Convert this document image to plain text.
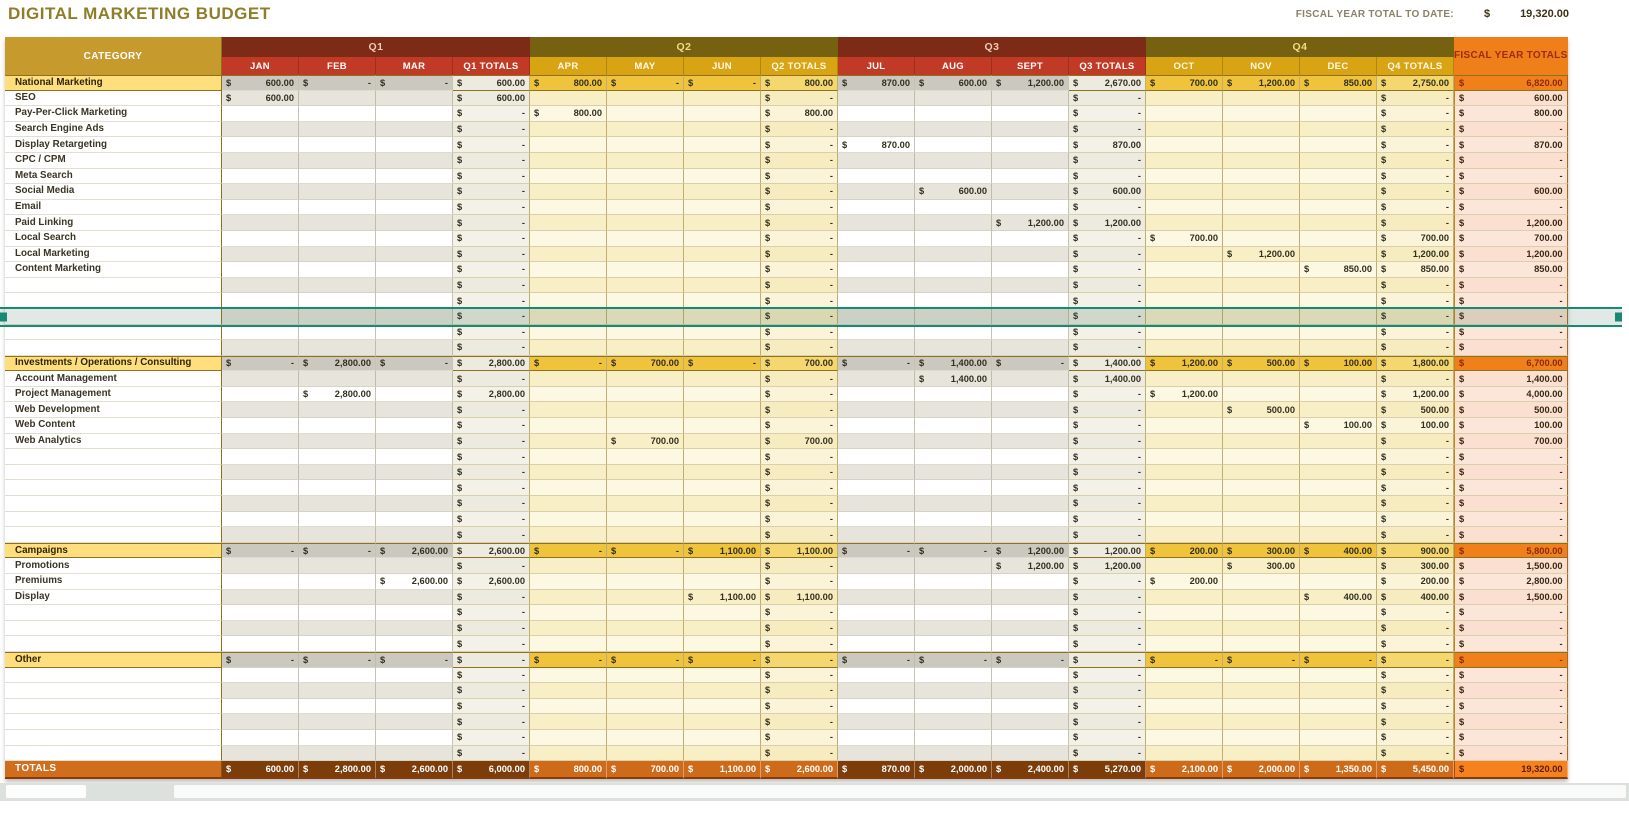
DIGITAL MARKETING BUDGET	FISCAL YEAR TOTAL TO DATE:	$	19,320.00
CATEGORY	Q1				Q2				Q3				Q4				FISCAL YEAR TOTALS
	JAN	FEB	MAR	Q1 TOTALS	APR	MAY	JUN	Q2 TOTALS	JUL	AUG	SEPT	Q3 TOTALS	OCT	NOV	DEC	Q4 TOTALS	
National Marketing	$ 600.00	$ -	$ -	$ 600.00	$ 800.00	$ -	$ -	$ 800.00	$ 870.00	$ 600.00	$ 1,200.00	$ 2,670.00	$ 700.00	$ 1,200.00	$ 850.00	$ 2,750.00	$ 6,820.00

SEO	$ 600.00			$ 600.00				$ -				$ -				$ -	$ 600.00

Pay-Per-Click Marketing				$ -	$ 800.00			$ 800.00				$ -				$ -	$ 800.00

Search Engine Ads				$ -				$ -				$ -				$ -	$ -

Display Retargeting				$ -				$ -	$ 870.00			$ 870.00				$ -	$ 870.00

CPC / CPM				$ -				$ -				$ -				$ -	$ -

Meta Search				$ -				$ -				$ -				$ -	$ -

Social Media				$ -				$ -		$ 600.00		$ 600.00				$ -	$ 600.00

Email				$ -				$ -				$ -				$ -	$ -

Paid Linking				$ -				$ -			$ 1,200.00	$ 1,200.00				$ -	$ 1,200.00

Local Search				$ -				$ -				$ -	$ 700.00			$ 700.00	$ 700.00

Local Marketing				$ -				$ -				$ -		$ 1,200.00		$ 1,200.00	$ 1,200.00

Content Marketing				$ -				$ -				$ -			$ 850.00	$ 850.00	$ 850.00

				$ -				$ -				$ -				$ -	$ -

				$ -				$ -				$ -				$ -	$ -

				$ -				$ -				$ -				$ -	$ -

				$ -				$ -				$ -				$ -	$ -

				$ -				$ -				$ -				$ -	$ -

Investments / Operations / Consulting	$ -	$ 2,800.00	$ -	$ 2,800.00	$ -	$ 700.00	$ -	$ 700.00	$ -	$ 1,400.00	$ -	$ 1,400.00	$ 1,200.00	$ 500.00	$ 100.00	$ 1,800.00	$ 6,700.00

Account Management				$ -				$ -		$ 1,400.00		$ 1,400.00				$ -	$ 1,400.00

Project Management		$ 2,800.00		$ 2,800.00				$ -				$ -	$ 1,200.00			$ 1,200.00	$ 4,000.00

Web Development				$ -				$ -				$ -		$ 500.00		$ 500.00	$ 500.00

Web Content				$ -				$ -				$ -			$ 100.00	$ 100.00	$ 100.00

Web Analytics				$ -		$ 700.00		$ 700.00				$ -				$ -	$ 700.00

				$ -				$ -				$ -				$ -	$ -

				$ -				$ -				$ -				$ -	$ -

				$ -				$ -				$ -				$ -	$ -

				$ -				$ -				$ -				$ -	$ -

				$ -				$ -				$ -				$ -	$ -

				$ -				$ -				$ -				$ -	$ -

Campaigns	$ -	$ -	$ 2,600.00	$ 2,600.00	$ -	$ -	$ 1,100.00	$ 1,100.00	$ -	$ -	$ 1,200.00	$ 1,200.00	$ 200.00	$ 300.00	$ 400.00	$ 900.00	$ 5,800.00

Promotions				$ -				$ -			$ 1,200.00	$ 1,200.00		$ 300.00		$ 300.00	$ 1,500.00

Premiums			$ 2,600.00	$ 2,600.00				$ -				$ -	$ 200.00			$ 200.00	$ 2,800.00

Display				$ -			$ 1,100.00	$ 1,100.00				$ -			$ 400.00	$ 400.00	$ 1,500.00

				$ -				$ -				$ -				$ -	$ -

				$ -				$ -				$ -				$ -	$ -

				$ -				$ -				$ -				$ -	$ -

Other	$ -	$ -	$ -	$ -	$ -	$ -	$ -	$ -	$ -	$ -	$ -	$ -	$ -	$ -	$ -	$ -	$ -

				$ -				$ -				$ -				$ -	$ -

				$ -				$ -				$ -				$ -	$ -

				$ -				$ -				$ -				$ -	$ -

				$ -				$ -				$ -				$ -	$ -

				$ -				$ -				$ -				$ -	$ -

				$ -				$ -				$ -				$ -	$ -

TOTALS	$ 600.00	$ 2,800.00	$ 2,600.00	$ 6,000.00	$ 800.00	$ 700.00	$ 1,100.00	$ 2,600.00	$ 870.00	$ 2,000.00	$ 2,400.00	$ 5,270.00	$ 2,100.00	$ 2,000.00	$ 1,350.00	$ 5,450.00	$ 19,320.00
